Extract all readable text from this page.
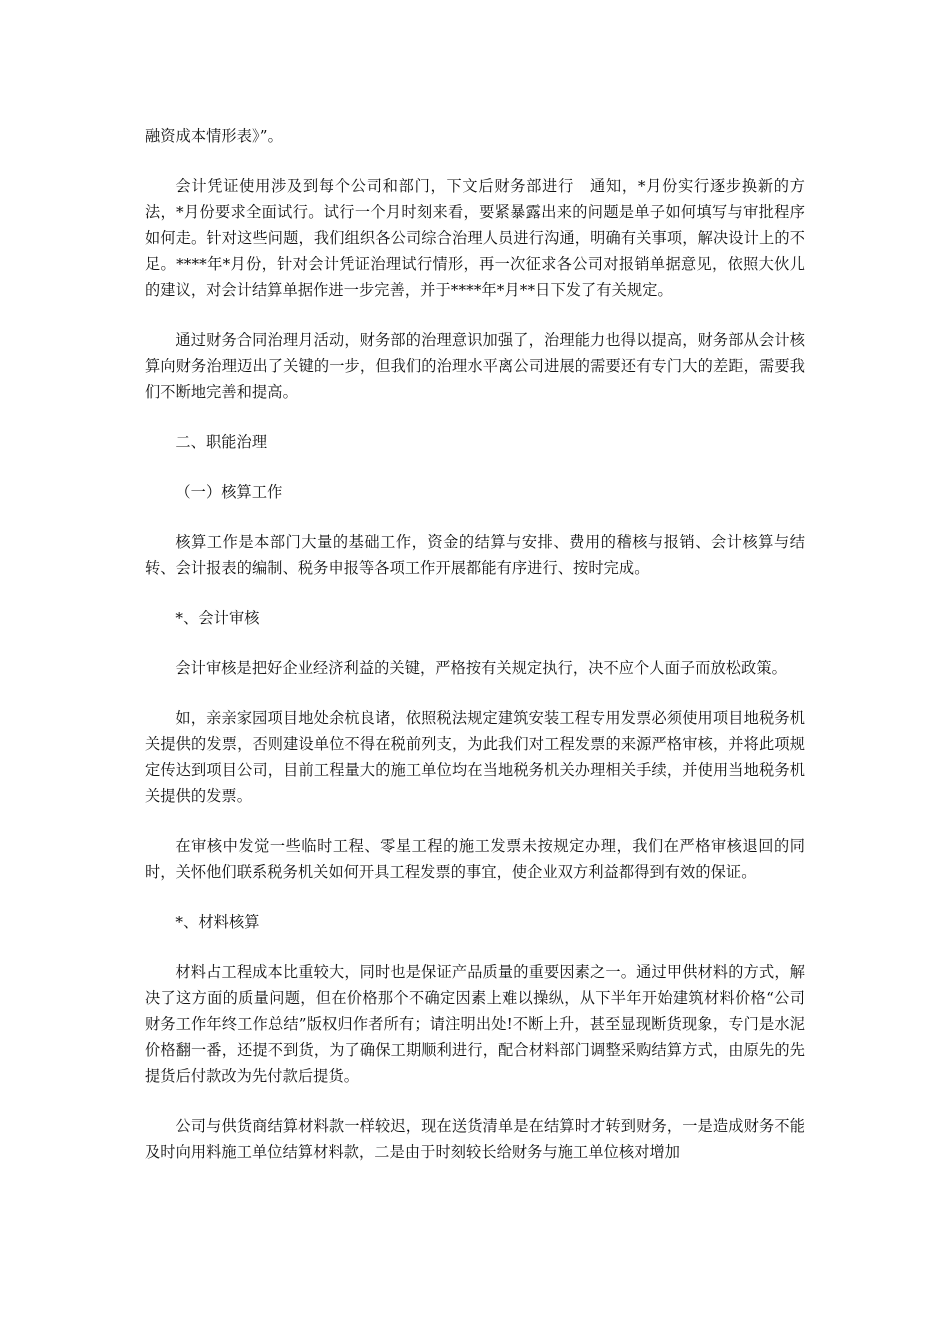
融资成本情形表》”。

会计凭证使用涉及到每个公司和部门，下文后财务部进行　通知，*月份实行逐步换新的方法，*月份要求全面试行。试行一个月时刻来看，要紧暴露出来的问题是单子如何填写与审批程序如何走。针对这些问题，我们组织各公司综合治理人员进行沟通，明确有关事项，解决设计上的不足。****年*月份，针对会计凭证治理试行情形，再一次征求各公司对报销单据意见，依照大伙儿的建议，对会计结算单据作进一步完善，并于****年*月**日下发了有关规定。

通过财务合同治理月活动，财务部的治理意识加强了，治理能力也得以提高，财务部从会计核算向财务治理迈出了关键的一步，但我们的治理水平离公司进展的需要还有专门大的差距，需要我们不断地完善和提高。

二、职能治理

（一）核算工作

核算工作是本部门大量的基础工作，资金的结算与安排、费用的稽核与报销、会计核算与结转、会计报表的编制、税务申报等各项工作开展都能有序进行、按时完成。

*、会计审核

会计审核是把好企业经济利益的关键，严格按有关规定执行，决不应个人面子而放松政策。

如，亲亲家园项目地处余杭良诸，依照税法规定建筑安装工程专用发票必须使用项目地税务机关提供的发票，否则建设单位不得在税前列支，为此我们对工程发票的来源严格审核，并将此项规定传达到项目公司，目前工程量大的施工单位均在当地税务机关办理相关手续，并使用当地税务机关提供的发票。

在审核中发觉一些临时工程、零星工程的施工发票未按规定办理，我们在严格审核退回的同时，关怀他们联系税务机关如何开具工程发票的事宜，使企业双方利益都得到有效的保证。

*、材料核算

材料占工程成本比重较大，同时也是保证产品质量的重要因素之一。通过甲供材料的方式，解决了这方面的质量问题，但在价格那个不确定因素上难以操纵，从下半年开始建筑材料价格“公司财务工作年终工作总结”版权归作者所有；请注明出处!不断上升，甚至显现断货现象，专门是水泥价格翻一番，还提不到货，为了确保工期顺利进行，配合材料部门调整采购结算方式，由原先的先提货后付款改为先付款后提货。

公司与供货商结算材料款一样较迟，现在送货清单是在结算时才转到财务，一是造成财务不能及时向用料施工单位结算材料款，二是由于时刻较长给财务与施工单位核对增加
